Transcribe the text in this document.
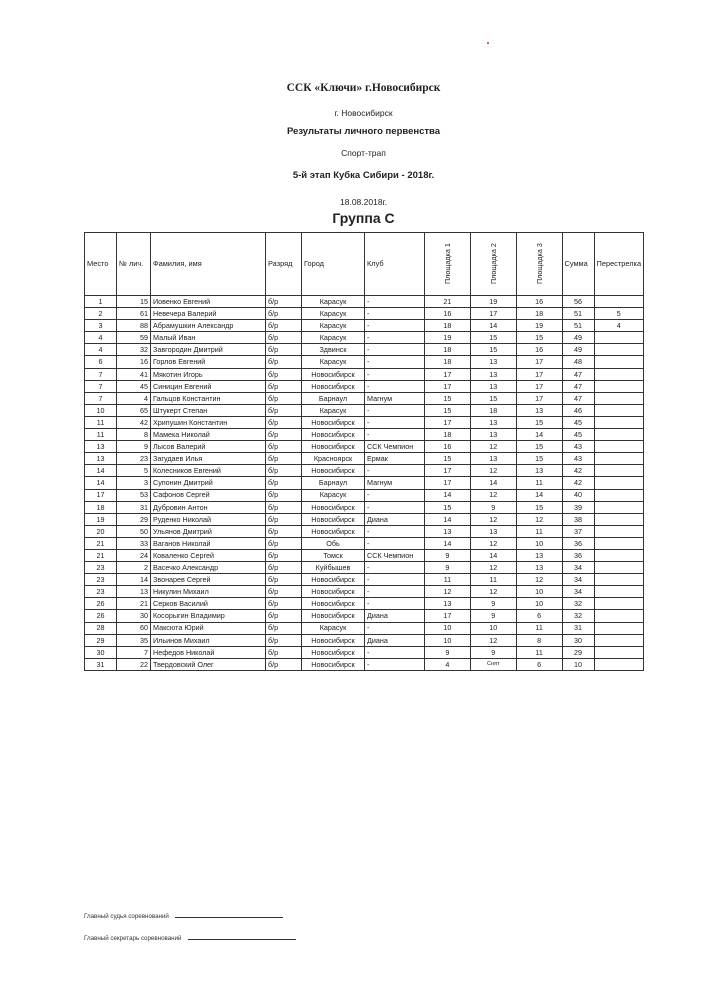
ССК «Ключи» г.Новосибирск
г. Новосибирск
Результаты личного первенства
Спорт-трап
5-й этап Кубка Сибири - 2018г.
18.08.2018г.
Группа С
Место	№ лич.	Фамилия, имя	Разряд	Город	Клуб	Площадка 1	Площадка 2	Площадка 3	Сумма	Перестрелка
1	15	Иовенко Евгений	б/р	Карасук	-	21	19	16	56	
2	61	Невечера Валерий	б/р	Карасук	-	16	17	18	51	5
3	88	Абрамушкин Александр	б/р	Карасук	-	18	14	19	51	4
4	59	Малый Иван	б/р	Карасук	-	19	15	15	49	
4	32	Завгородин Дмитрий	б/р	Здвинск	-	18	15	16	49	
6	16	Горлов Евгений	б/р	Карасук	-	18	13	17	48	
7	41	Мякотин Игорь	б/р	Новосибирск	-	17	13	17	47	
7	45	Синицин Евгений	б/р	Новосибирск	-	17	13	17	47	
7	4	Гальцов Константин	б/р	Барнаул	Магнум	15	15	17	47	
10	65	Штукерт Степан	б/р	Карасук	-	15	18	13	46	
11	42	Хрипушин Константин	б/р	Новосибирск	-	17	13	15	45	
11	8	Мамека Николай	б/р	Новосибирск	-	18	13	14	45	
13	9	Лысов Валерий	б/р	Новосибирск	ССК Чемпион	16	12	15	43	
13	23	Загудаев Илья	б/р	Красноярск	Ермак	15	13	15	43	
14	5	Колесников Евгений	б/р	Новосибирск	-	17	12	13	42	
14	3	Супонин Дмитрий	б/р	Барнаул	Магнум	17	14	11	42	
17	53	Сафонов Сергей	б/р	Карасук	-	14	12	14	40	
18	31	Дубровин Антон	б/р	Новосибирск	-	15	9	15	39	
19	29	Руденко Николай	б/р	Новосибирск	Диана	14	12	12	38	
20	50	Ульянов Дмитрий	б/р	Новосибирск	-	13	13	11	37	
21	33	Ваганов Николай	б/р	Обь	-	14	12	10	36	
21	24	Коваленко Сергей	б/р	Томск	ССК Чемпион	9	14	13	36	
23	2	Васечко Александр	б/р	Куйбышев	-	9	12	13	34	
23	14	Звонарев Сергей	б/р	Новосибирск	-	11	11	12	34	
23	13	Никулин Михаил	б/р	Новосибирск	-	12	12	10	34	
26	21	Серков Василий	б/р	Новосибирск	-	13	9	10	32	
26	30	Косорыгин Владимир	б/р	Новосибирск	Диана	17	9	6	32	
28	60	Максюта Юрий	б/р	Карасук	-	10	10	11	31	
29	35	Ильинов Михаил	б/р	Новосибирск	Диана	10	12	8	30	
30	7	Нефедов Николай	б/р	Новосибирск	-	9	9	11	29	
31	22	Твердовский Олег	б/р	Новосибирск	-	4	Снят	6	10	
Главный судья соревнований
Главный секретарь соревнований
